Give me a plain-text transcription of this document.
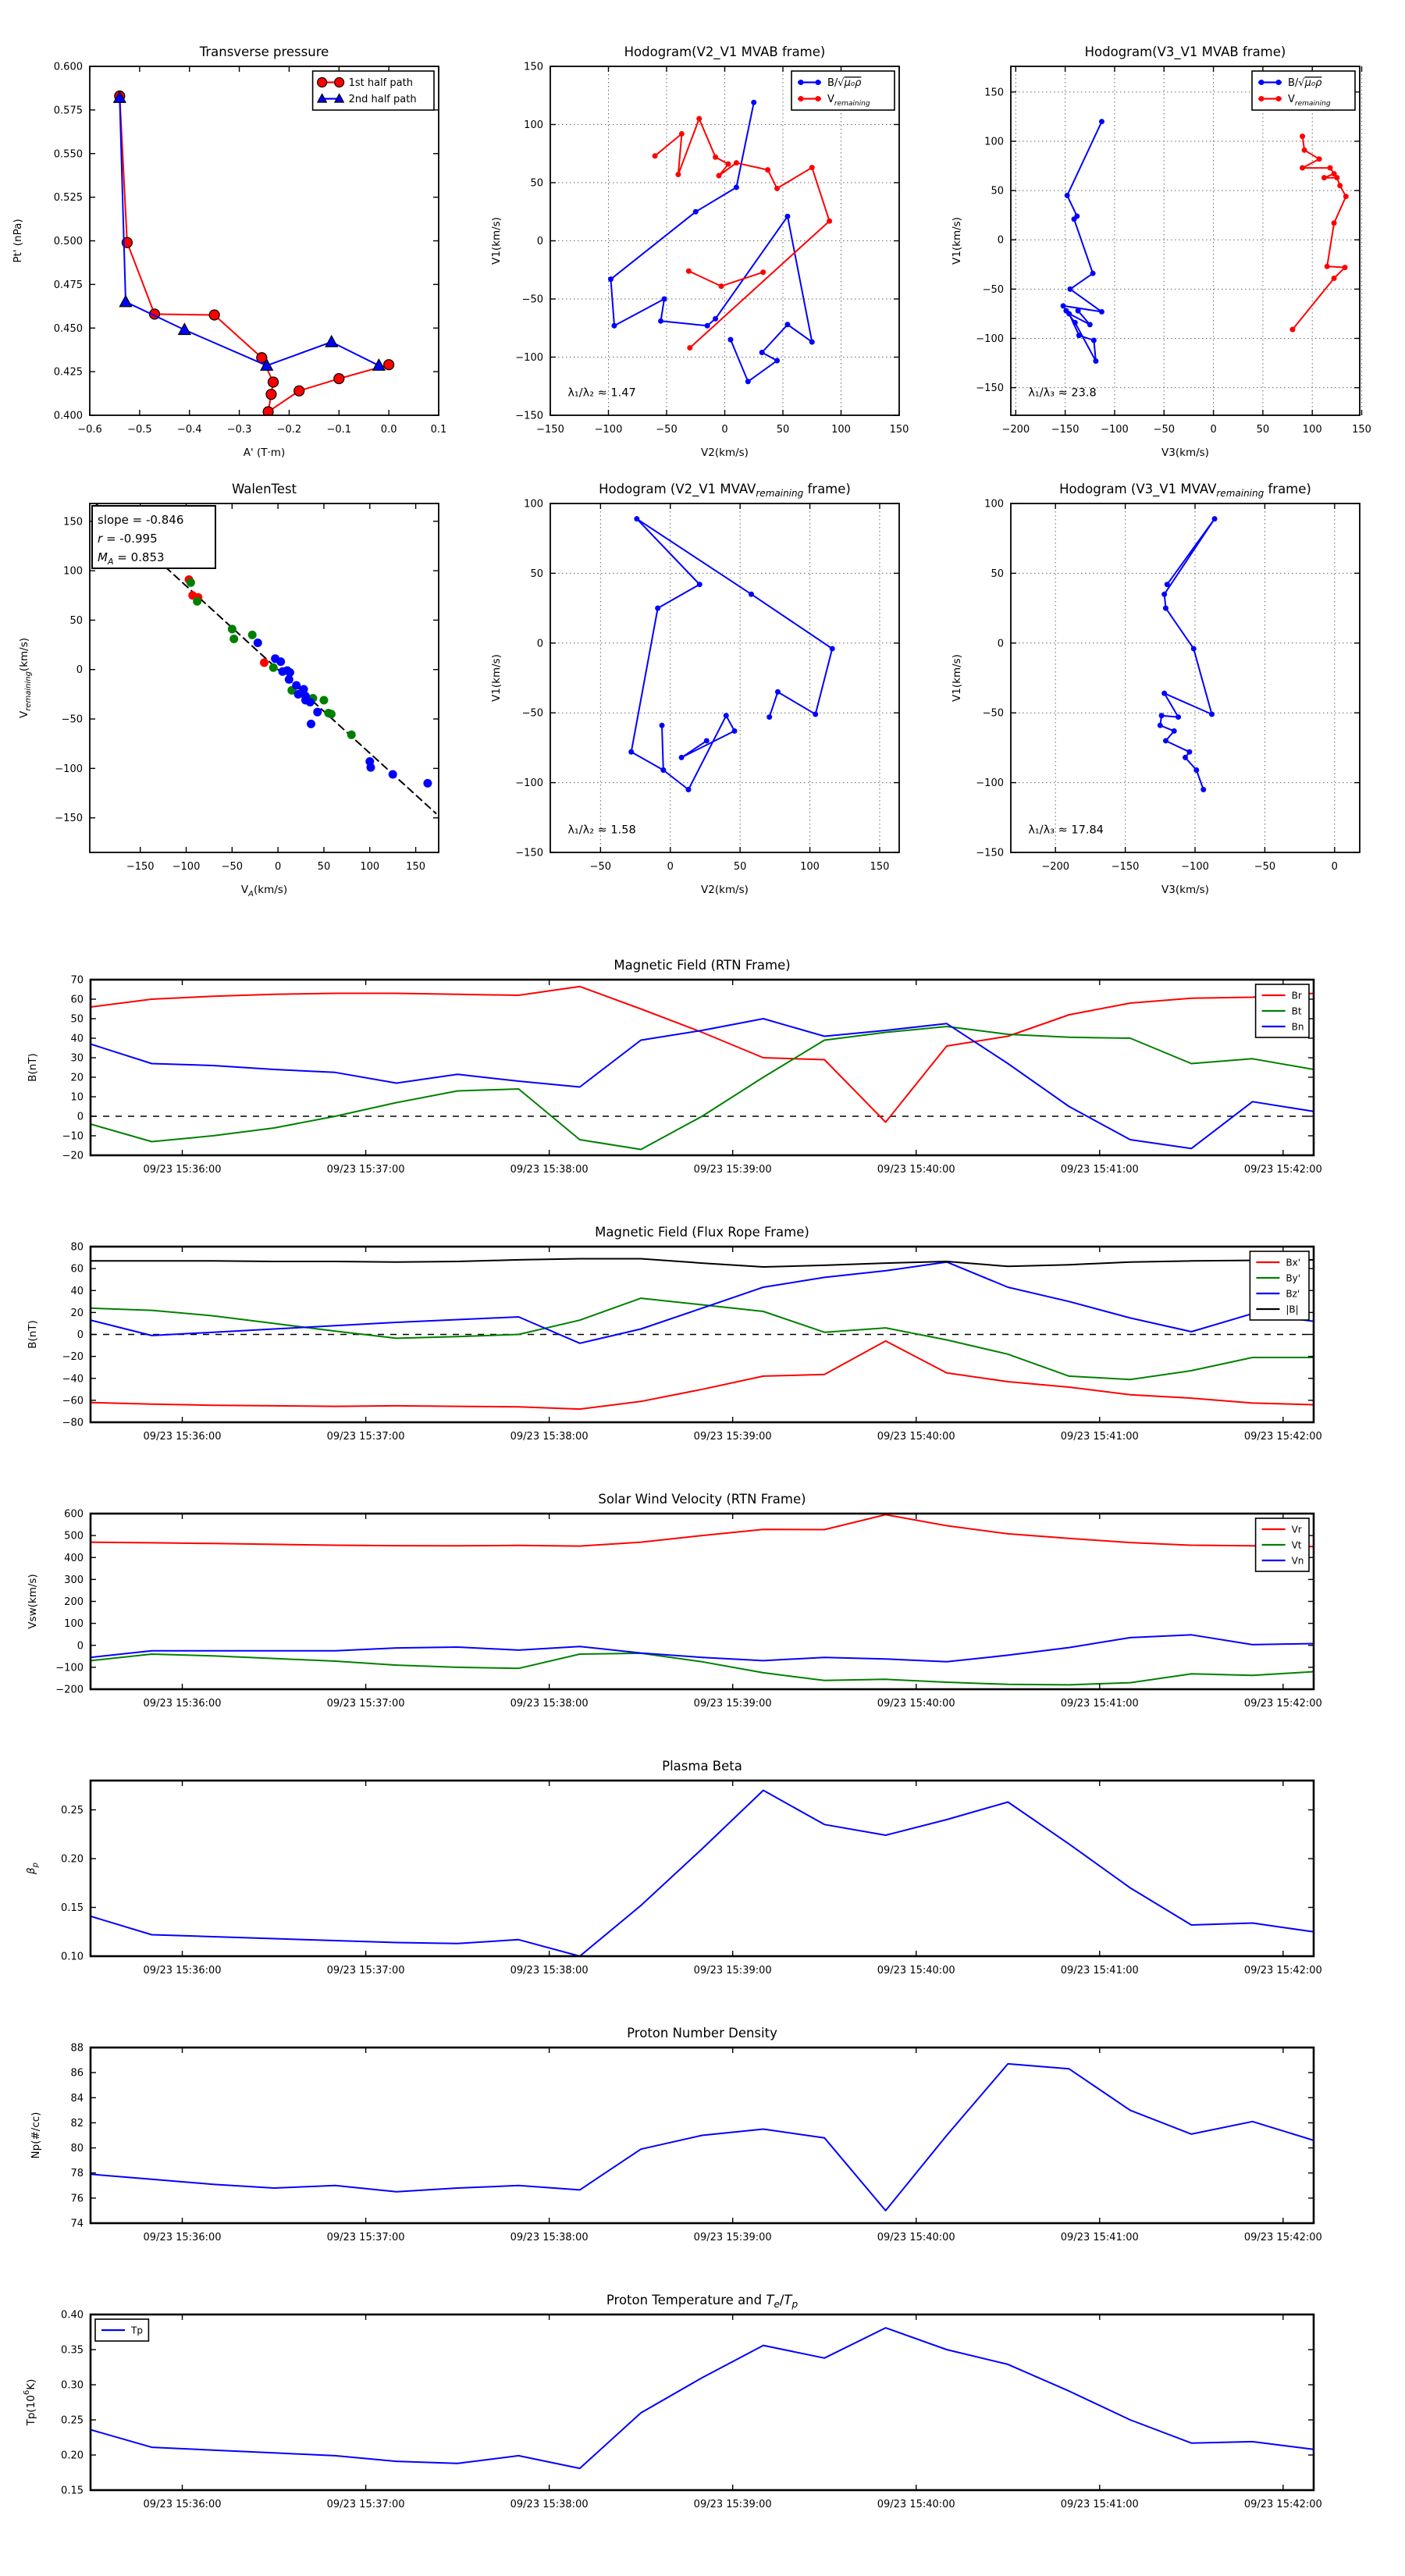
−0.6 −0.5 −0.4 −0.3 −0.2 −0.1	0.0	0.1
0.400
0.425
0.450
0.475
0.500
0.525
0.550
0.575
0.600
Transverse pressure
A' (T·m)
Pt' (nPa)
1st half path
2nd half path
−150	−100	−50	0	50	100	150
−150
−100
−50
0
50
100
150
Hodogram(V2_V1 MVAB frame)
V2(km/s)
V1(km/s)
λ₁/λ₂ ≈ 1.47
B/√μ₀ρ
$V_{remaining}$
−200 −150 −100 −50	0	50	100	150
−150
−100
−50
0
50
100
150
Hodogram(V3_V1 MVAB frame)
V3(km/s)
V1(km/s)
λ₁/λ₃ ≈ 23.8
B/√μ₀ρ
$V_{remaining}$
−150 −100 −50	0	50	100	150
−150
−100
−50
0
50
100
150
WalenTest
$V_A(km/s)$
$V_{remaining}(km/s)$
slope = -0.846
r = -0.995
$M_A = 0.853$
−50	0	50	100	150
−150
−100
−50
0
50
100
Hodogram (V2_V1 $MVAV_{remaining}$ frame)
V2(km/s)
V1(km/s)
λ₁/λ₂ ≈ 1.58
−200	−150	−100	−50	0
−150
−100
−50
0
50
100
Hodogram (V3_V1 $MVAV_{remaining}$ frame)
V3(km/s)
V1(km/s)
λ₁/λ₃ ≈ 17.84
09/23 15:36:00	09/23 15:37:00	09/23 15:38:00	09/23 15:39:00	09/23 15:40:00	09/23 15:41:00	09/23 15:42:00
−20
−10
0
10
20
30
40
50
60
70
Magnetic Field (RTN Frame)
B(nT)
Br
Bt
Bn
09/23 15:36:00	09/23 15:37:00	09/23 15:38:00	09/23 15:39:00	09/23 15:40:00	09/23 15:41:00	09/23 15:42:00
−80
−60
−40
−20
0
20
40
60
80
Magnetic Field (Flux Rope Frame)
B(nT)
Bx'
By'
Bz'
|B|
09/23 15:36:00	09/23 15:37:00	09/23 15:38:00	09/23 15:39:00	09/23 15:40:00	09/23 15:41:00	09/23 15:42:00
−200
−100
0
100
200
300
400
500
600
Solar Wind Velocity (RTN Frame)
Vsw(km/s)
Vr
Vt
Vn
09/23 15:36:00	09/23 15:37:00	09/23 15:38:00	09/23 15:39:00	09/23 15:40:00	09/23 15:41:00	09/23 15:42:00
0.10
0.15
0.20
0.25
Plasma Beta
$\beta_p$
09/23 15:36:00	09/23 15:37:00	09/23 15:38:00	09/23 15:39:00	09/23 15:40:00	09/23 15:41:00	09/23 15:42:00
74
76
78
80
82
84
86
88
Proton Number Density
Np(#/cc)
09/23 15:36:00	09/23 15:37:00	09/23 15:38:00	09/23 15:39:00	09/23 15:40:00	09/23 15:41:00	09/23 15:42:00
0.15
0.20
0.25
0.30
0.35
0.40
Proton Temperature and $T_e/T_p$
$Tp(10^6K)$
Tp
